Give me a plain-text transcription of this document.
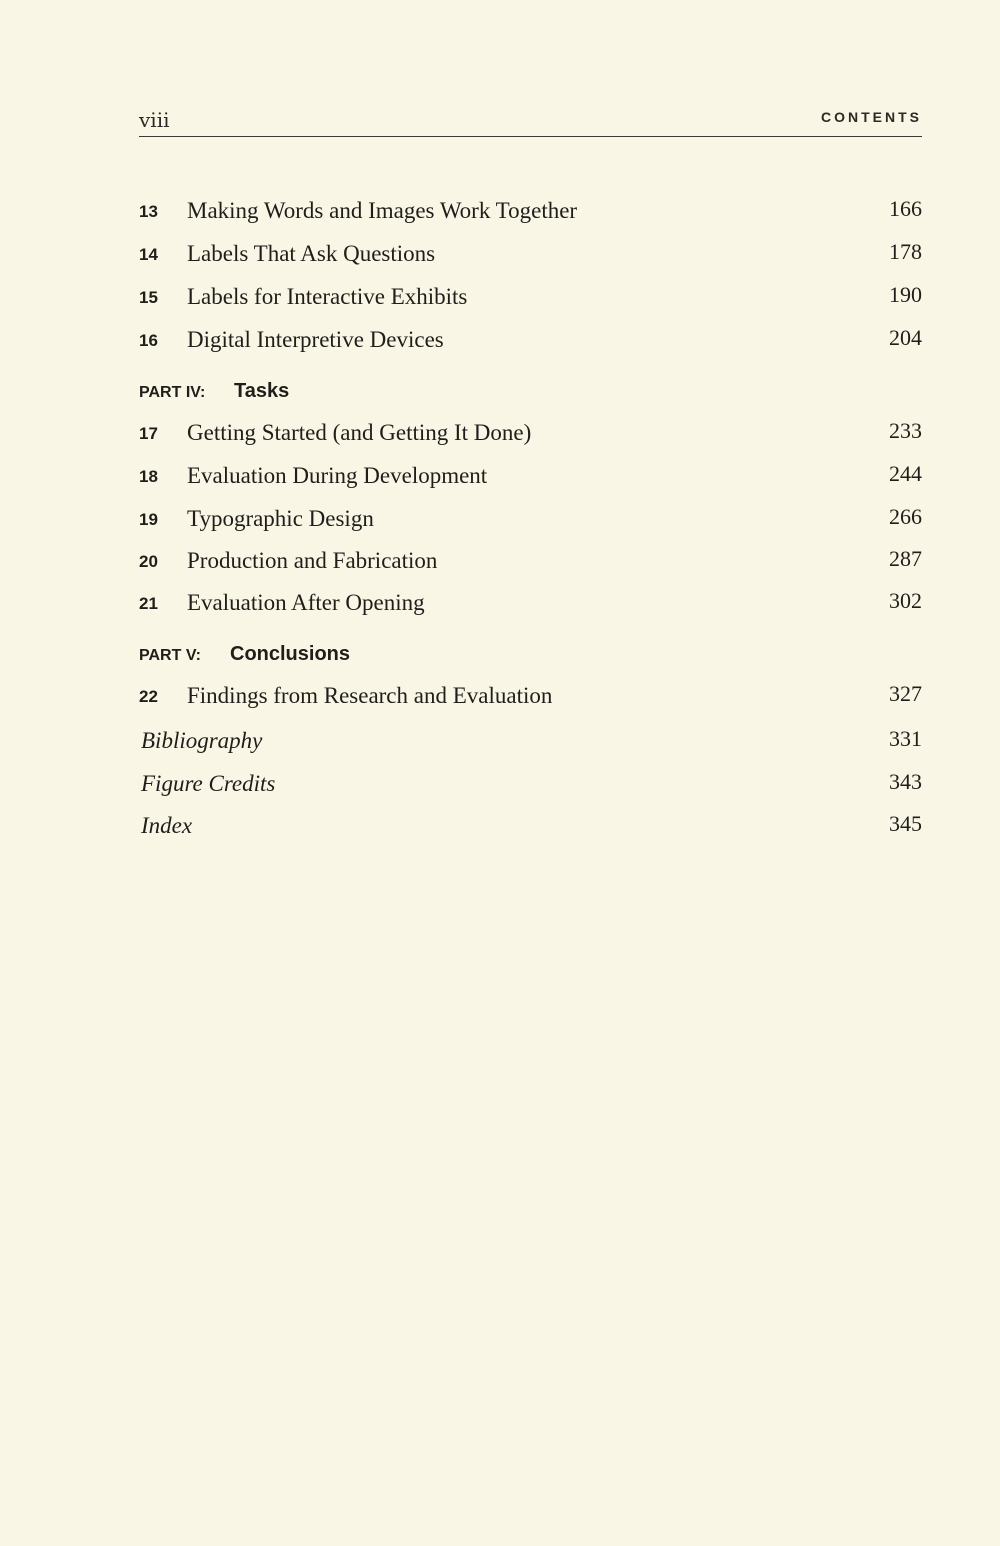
viii	CONTENTS
13 Making Words and Images Work Together	166
14 Labels That Ask Questions	178
15 Labels for Interactive Exhibits	190
16 Digital Interpretive Devices	204
PART IV: Tasks
17 Getting Started (and Getting It Done)	233
18 Evaluation During Development	244
19 Typographic Design	266
20 Production and Fabrication	287
21 Evaluation After Opening	302
PART V: Conclusions
22 Findings from Research and Evaluation	327
Bibliography	331
Figure Credits	343
Index	345
